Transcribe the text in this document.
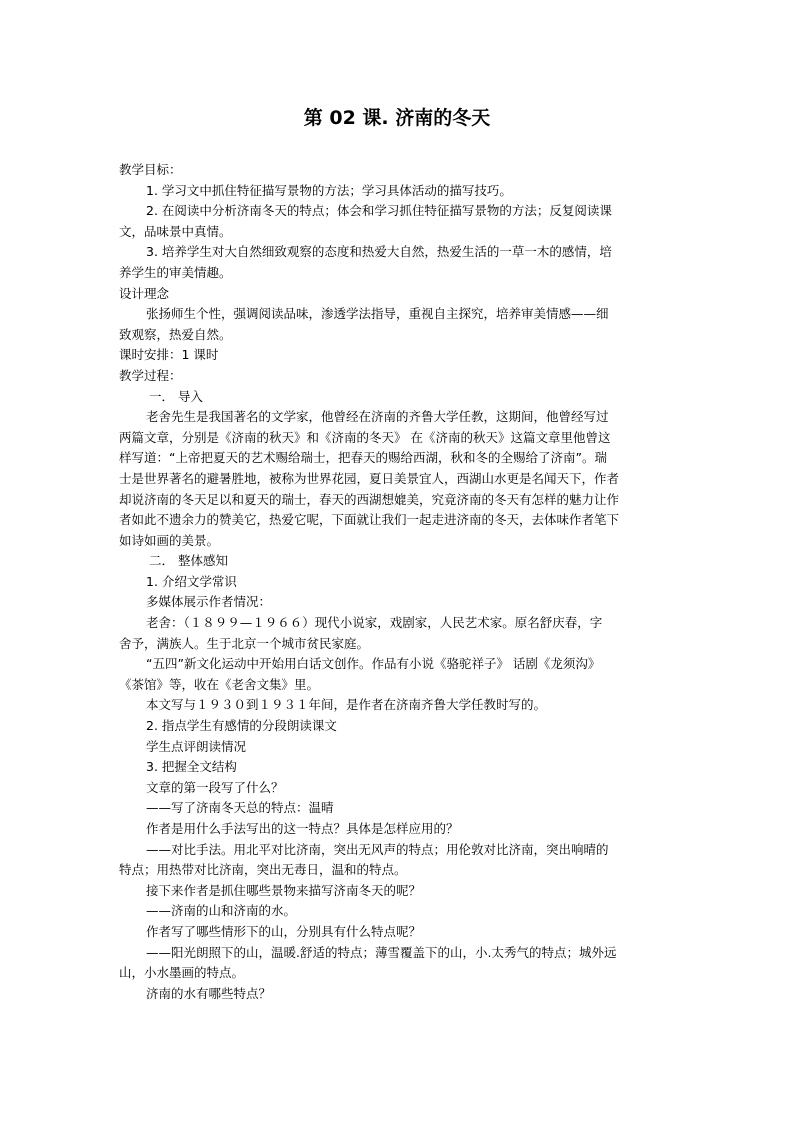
第 02 课. 济南的冬天
教学目标：
1. 学习文中抓住特征描写景物的方法；学习具体活动的描写技巧。
2. 在阅读中分析济南冬天的特点；体会和学习抓住特征描写景物的方法；反复阅读课
文，品味景中真情。
3. 培养学生对大自然细致观察的态度和热爱大自然，热爱生活的一草一木的感情，培
养学生的审美情趣。
设计理念
张扬师生个性，强调阅读品味，渗透学法指导，重视自主探究，培养审美情感——细
致观察，热爱自然。
课时安排：1 课时
教学过程：
一． 导入
老舍先生是我国著名的文学家，他曾经在济南的齐鲁大学任教，这期间，他曾经写过
两篇文章，分别是《济南的秋天》和《济南的冬天》 在《济南的秋天》这篇文章里他曾这
样写道：“上帝把夏天的艺术赐给瑞士，把春天的赐给西湖，秋和冬的全赐给了济南”。瑞
士是世界著名的避暑胜地，被称为世界花园，夏日美景宜人，西湖山水更是名闻天下，作者
却说济南的冬天足以和夏天的瑞士，春天的西湖想媲美，究竟济南的冬天有怎样的魅力让作
者如此不遗余力的赞美它，热爱它呢，下面就让我们一起走进济南的冬天，去体味作者笔下
如诗如画的美景。
二． 整体感知
1. 介绍文学常识
多媒体展示作者情况：
老舍：（１８９９—１９６６）现代小说家，戏剧家，人民艺术家。原名舒庆春，字
舍予，满族人。生于北京一个城市贫民家庭。
“五四”新文化运动中开始用白话文创作。作品有小说《骆驼祥子》 话剧《龙须沟》
《茶馆》等，收在《老舍文集》里。
本文写与１９３０到１９３１年间，是作者在济南齐鲁大学任教时写的。
2. 指点学生有感情的分段朗读课文
学生点评朗读情况
3. 把握全文结构
文章的第一段写了什么？
——写了济南冬天总的特点：温晴
作者是用什么手法写出的这一特点？具体是怎样应用的？
——对比手法。用北平对比济南，突出无风声的特点；用伦敦对比济南，突出响晴的
特点；用热带对比济南，突出无毒日，温和的特点。
接下来作者是抓住哪些景物来描写济南冬天的呢？
——济南的山和济南的水。
作者写了哪些情形下的山，分别具有什么特点呢？
——阳光朗照下的山，温暖.舒适的特点；薄雪覆盖下的山，小.太秀气的特点；城外远
山，小水墨画的特点。
济南的水有哪些特点？
